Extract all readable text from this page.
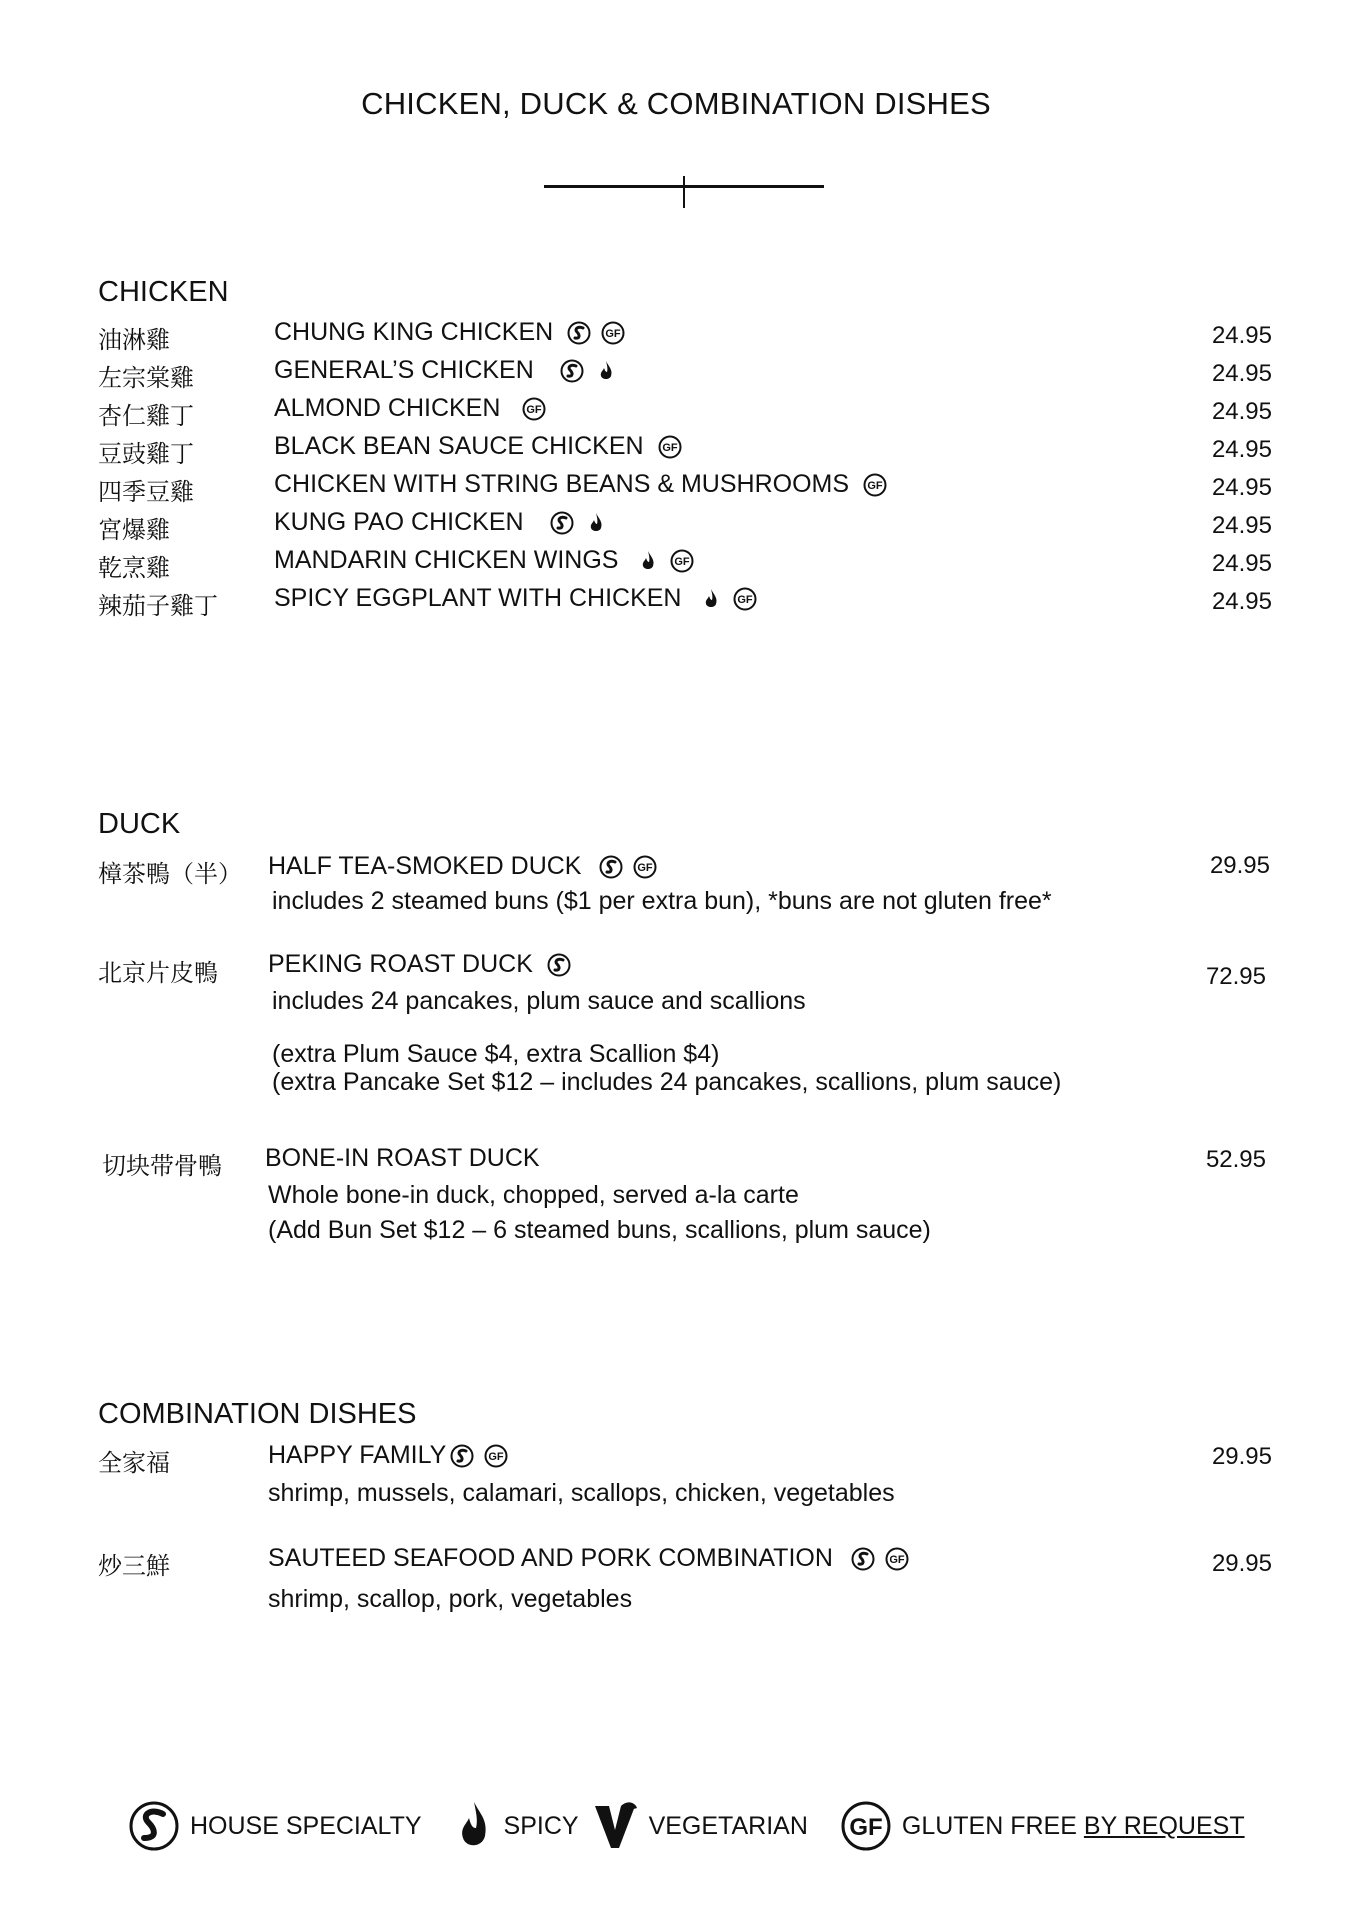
CHICKEN, DUCK & COMBINATION DISHES
CHICKEN
油淋雞	CHUNG KING CHICKEN	GF	24.95
左宗棠雞	GENERAL’S CHICKEN	24.95
杏仁雞丁	ALMOND CHICKEN GF	24.95
豆豉雞丁	BLACK BEAN SAUCE CHICKEN GF	24.95
四季豆雞	CHICKEN WITH STRING BEANS & MUSHROOMS GF	24.95
宮爆雞	KUNG PAO CHICKEN	24.95
乾烹雞	MANDARIN CHICKEN WINGS	GF	24.95
辣茄子雞丁 SPICY EGGPLANT WITH CHICKEN	GF	24.95
DUCK
樟茶鴨（半） HALF TEA-SMOKED DUCK	GF
includes 2 steamed buns ($1 per extra bun), *buns are not gluten free*
29.95
北京片皮鴨 PEKING ROAST DUCK
includes 24 pancakes, plum sauce and scallions
(extra Plum Sauce $4, extra Scallion $4)
(extra Pancake Set $12 – includes 24 pancakes, scallions, plum sauce)
72.95
切块带骨鴨 BONE-IN ROAST DUCK
Whole bone-in duck, chopped, served a-la carte
(Add Bun Set $12 – 6 steamed buns, scallions, plum sauce)
52.95
COMBINATION DISHES
全家福	HAPPY FAMILY	GF
shrimp, mussels, calamari, scallops, chicken, vegetables
29.95
炒三鮮	SAUTEED SEAFOOD AND PORK COMBINATION	GF
shrimp, scallop, pork, vegetables
29.95
HOUSE SPECIALTY	SPICY	VEGETARIAN GF GLUTEN FREE BY REQUEST
